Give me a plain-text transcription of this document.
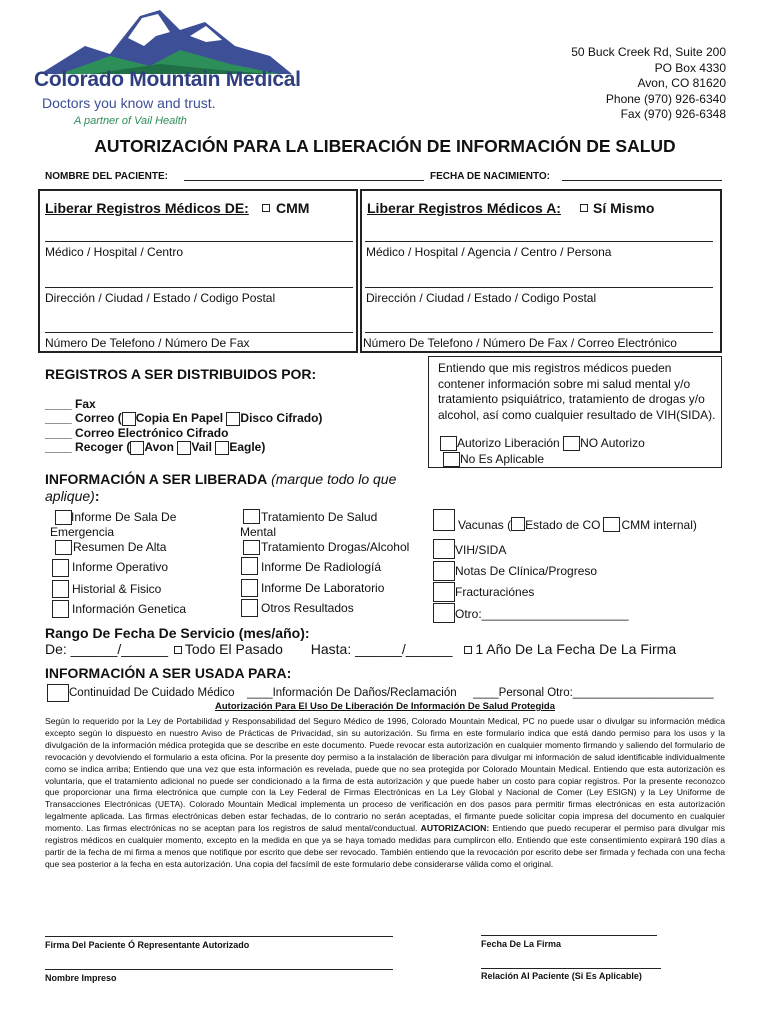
Colorado Mountain Medical
Doctors you know and trust.
A partner of Vail Health
50 Buck Creek Rd, Suite 200
PO Box 4330
Avon, CO 81620
Phone (970) 926-6340
Fax (970) 926-6348
AUTORIZACIÓN PARA LA LIBERACIÓN DE INFORMACIÓN DE SALUD
NOMBRE DEL PACIENTE:	FECHA DE NACIMIENTO:
Liberar Registros Médicos DE: CMM
Médico / Hospital / Centro
Dirección / Ciudad / Estado / Codigo Postal
Número De Telefono / Número De Fax
Liberar Registros Médicos A: Sí Mismo
Médico / Hospital / Agencia / Centro / Persona
Dirección / Ciudad / Estado / Codigo Postal
Número De Telefono / Número De Fax / Correo Electrónico
REGISTROS A SER DISTRIBUIDOS POR:
____ Fax
____ Correo ( Copia En Papel Disco Cifrado)
____ Correo Electrónico Cifrado
____ Recoger ( Avon Vail Eagle)
Entiendo que mis registros médicos pueden contener información sobre mi salud mental y/o tratamiento psiquiátrico, tratamiento de drogas y/o alcohol, así como cualquier resultado de VIH(SIDA).
Autorizo Liberación NO Autorizo
No Es Aplicable
INFORMACIÓN A SER LIBERADA (marque todo lo que aplique):
Informe De Sala De Emergencia
Resumen De Alta
Informe Operativo
Historial & Fisico
Información Genetica
Tratamiento De Salud Mental
Tratamiento Drogas/Alcohol
Informe De Radiologíá
Informe De Laboratorio
Otros Resultados
Vacunas ( Estado de CO CMM internal)
VIH/SIDA
Notas De Clínica/Progreso
Fracturaciónes
Otro:______________________
Rango De Fecha De Servicio (mes/año):
De: ______/______ Todo El Pasado Hasta: ______/______ 1 Año De La Fecha De La Firma
INFORMACIÓN A SER USADA PARA:
Continuidad De Cuidado Médico ____Información De Daños/Reclamación ____Personal Otro:______________________
Autorización Para El Uso De Liberación De Información De Salud Protegida
Según lo requerido por la Ley de Portabilidad y Responsabilidad del Seguro Médico de 1996, Colorado Mountain Medical, PC no puede usar o divulgar su información médica excepto según lo dispuesto en nuestro Aviso de Prácticas de Privacidad, sin su autorización. Su firma en este formulario indica que está dando permiso para los usos y la divulgación de la información médica protegida que se describe en este documento. Puede revocar esta autorización en cualquier momento firmando y saliendo del formulario de revocación y devolviendo el formulario a esta oficina. Por la presente doy permiso a la instalación de liberación para divulgar mi información de salud identificable individualmente como se indica arriba; Entiendo que una vez que esta información es revelada, puede que no sea protegida por Colorado Mountain Medical. Entiendo que esta autorización es voluntaria, que el tratamiento adicional no puede ser condicionado a la firma de esta autorización y que puede haber un costo para copiar registros. Por la presente reconozco que proporcionar una firma electrónica que cumple con la Ley Federal de Firmas Electrónicas en La Ley Global y Nacional de Comer (Ley ESIGN) y la Ley Uniforme de Transacciones Electrónicas (UETA). Colorado Mountain Medical implementa un proceso de verificación en dos pasos para permitir firmas electrónicas en esta autorización legalmente aplicada. Las firmas electrónicas deben estar fechadas, de lo contrario no serán aceptadas, el firmante puede solicitar copia impresa del documento en cualquier momento. Las firmas electrónicas no se aceptan para los registros de salud mental/conductual. AUTORIZACION: Entiendo que puedo recuperar el permiso para divulgar mis registros médicos en cualquier momento, excepto en la medida en que ya se haya tomado medidas para cumplircon ello. Entiendo que este consentimiento expirará 190 días a partir de la fecha de mi firma a menos que notifique por escrito que debe ser revocado. También entiendo que la revocación por escrito debe ser firmada y fechada con una fecha que sea posterior a la fecha en esta autorización. Una copia del facsímil de este formulario debe considerarse válida como el original.
Firma Del Paciente Ó Representante Autorizado	Fecha De La Firma
Nombre Impreso	Relación Al Paciente (Si Es Aplicable)
